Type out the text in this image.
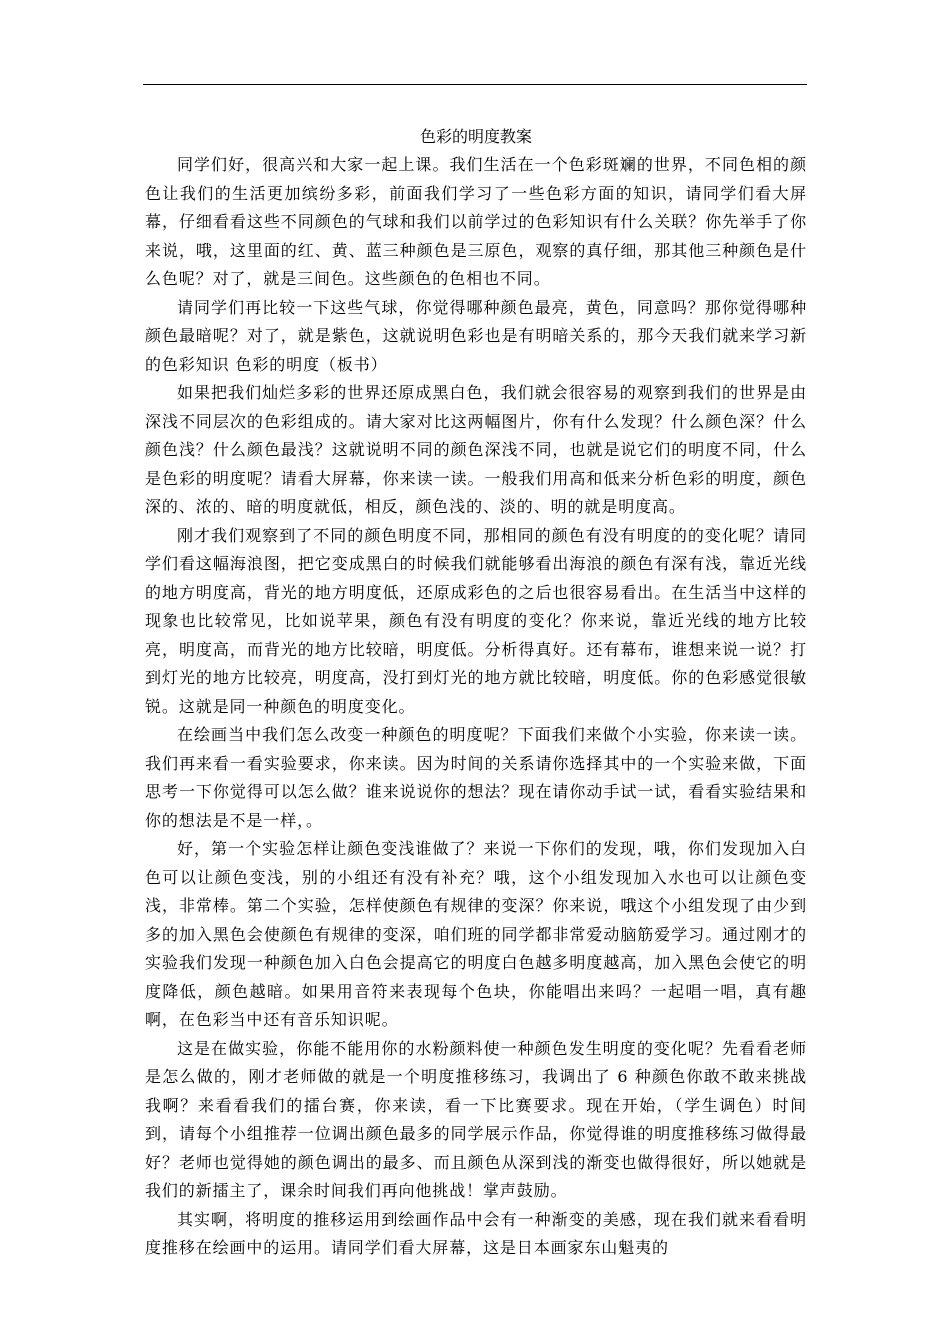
色彩的明度教案

同学们好，很高兴和大家一起上课。我们生活在一个色彩斑斓的世界，不同色相的颜色让我们的生活更加缤纷多彩，前面我们学习了一些色彩方面的知识，请同学们看大屏幕，仔细看看这些不同颜色的气球和我们以前学过的色彩知识有什么关联？你先举手了你来说，哦，这里面的红、黄、蓝三种颜色是三原色，观察的真仔细，那其他三种颜色是什么色呢？对了，就是三间色。这些颜色的色相也不同。

请同学们再比较一下这些气球，你觉得哪种颜色最亮，黄色，同意吗？那你觉得哪种颜色最暗呢？对了，就是紫色，这就说明色彩也是有明暗关系的，那今天我们就来学习新的色彩知识 色彩的明度（板书）

如果把我们灿烂多彩的世界还原成黑白色，我们就会很容易的观察到我们的世界是由深浅不同层次的色彩组成的。请大家对比这两幅图片，你有什么发现？什么颜色深？什么颜色浅？什么颜色最浅？这就说明不同的颜色深浅不同，也就是说它们的明度不同，什么是色彩的明度呢？请看大屏幕，你来读一读。一般我们用高和低来分析色彩的明度，颜色深的、浓的、暗的明度就低，相反，颜色浅的、淡的、明的就是明度高。

刚才我们观察到了不同的颜色明度不同，那相同的颜色有没有明度的的变化呢？请同学们看这幅海浪图，把它变成黑白的时候我们就能够看出海浪的颜色有深有浅，靠近光线的地方明度高，背光的地方明度低，还原成彩色的之后也很容易看出。在生活当中这样的现象也比较常见，比如说苹果，颜色有没有明度的变化？你来说，靠近光线的地方比较亮，明度高，而背光的地方比较暗，明度低。分析得真好。还有幕布，谁想来说一说？打到灯光的地方比较亮，明度高，没打到灯光的地方就比较暗，明度低。你的色彩感觉很敏锐。这就是同一种颜色的明度变化。

在绘画当中我们怎么改变一种颜色的明度呢？下面我们来做个小实验，你来读一读。我们再来看一看实验要求，你来读。因为时间的关系请你选择其中的一个实验来做，下面思考一下你觉得可以怎么做？谁来说说你的想法？现在请你动手试一试，看看实验结果和你的想法是不是一样，。

好，第一个实验怎样让颜色变浅谁做了？来说一下你们的发现，哦，你们发现加入白色可以让颜色变浅，别的小组还有没有补充？哦，这个小组发现加入水也可以让颜色变浅，非常棒。第二个实验，怎样使颜色有规律的变深？你来说，哦这个小组发现了由少到多的加入黑色会使颜色有规律的变深，咱们班的同学都非常爱动脑筋爱学习。通过刚才的实验我们发现一种颜色加入白色会提高它的明度白色越多明度越高，加入黑色会使它的明度降低，颜色越暗。如果用音符来表现每个色块，你能唱出来吗？一起唱一唱，真有趣啊，在色彩当中还有音乐知识呢。

这是在做实验，你能不能用你的水粉颜料使一种颜色发生明度的变化呢？先看看老师是怎么做的，刚才老师做的就是一个明度推移练习，我调出了 6 种颜色你敢不敢来挑战我啊？来看看我们的擂台赛，你来读，看一下比赛要求。现在开始，（学生调色）时间到，请每个小组推荐一位调出颜色最多的同学展示作品，你觉得谁的明度推移练习做得最好？老师也觉得她的颜色调出的最多、而且颜色从深到浅的渐变也做得很好，所以她就是我们的新擂主了，课余时间我们再向他挑战！掌声鼓励。

其实啊，将明度的推移运用到绘画作品中会有一种渐变的美感，现在我们就来看看明度推移在绘画中的运用。请同学们看大屏幕，这是日本画家东山魁夷的
